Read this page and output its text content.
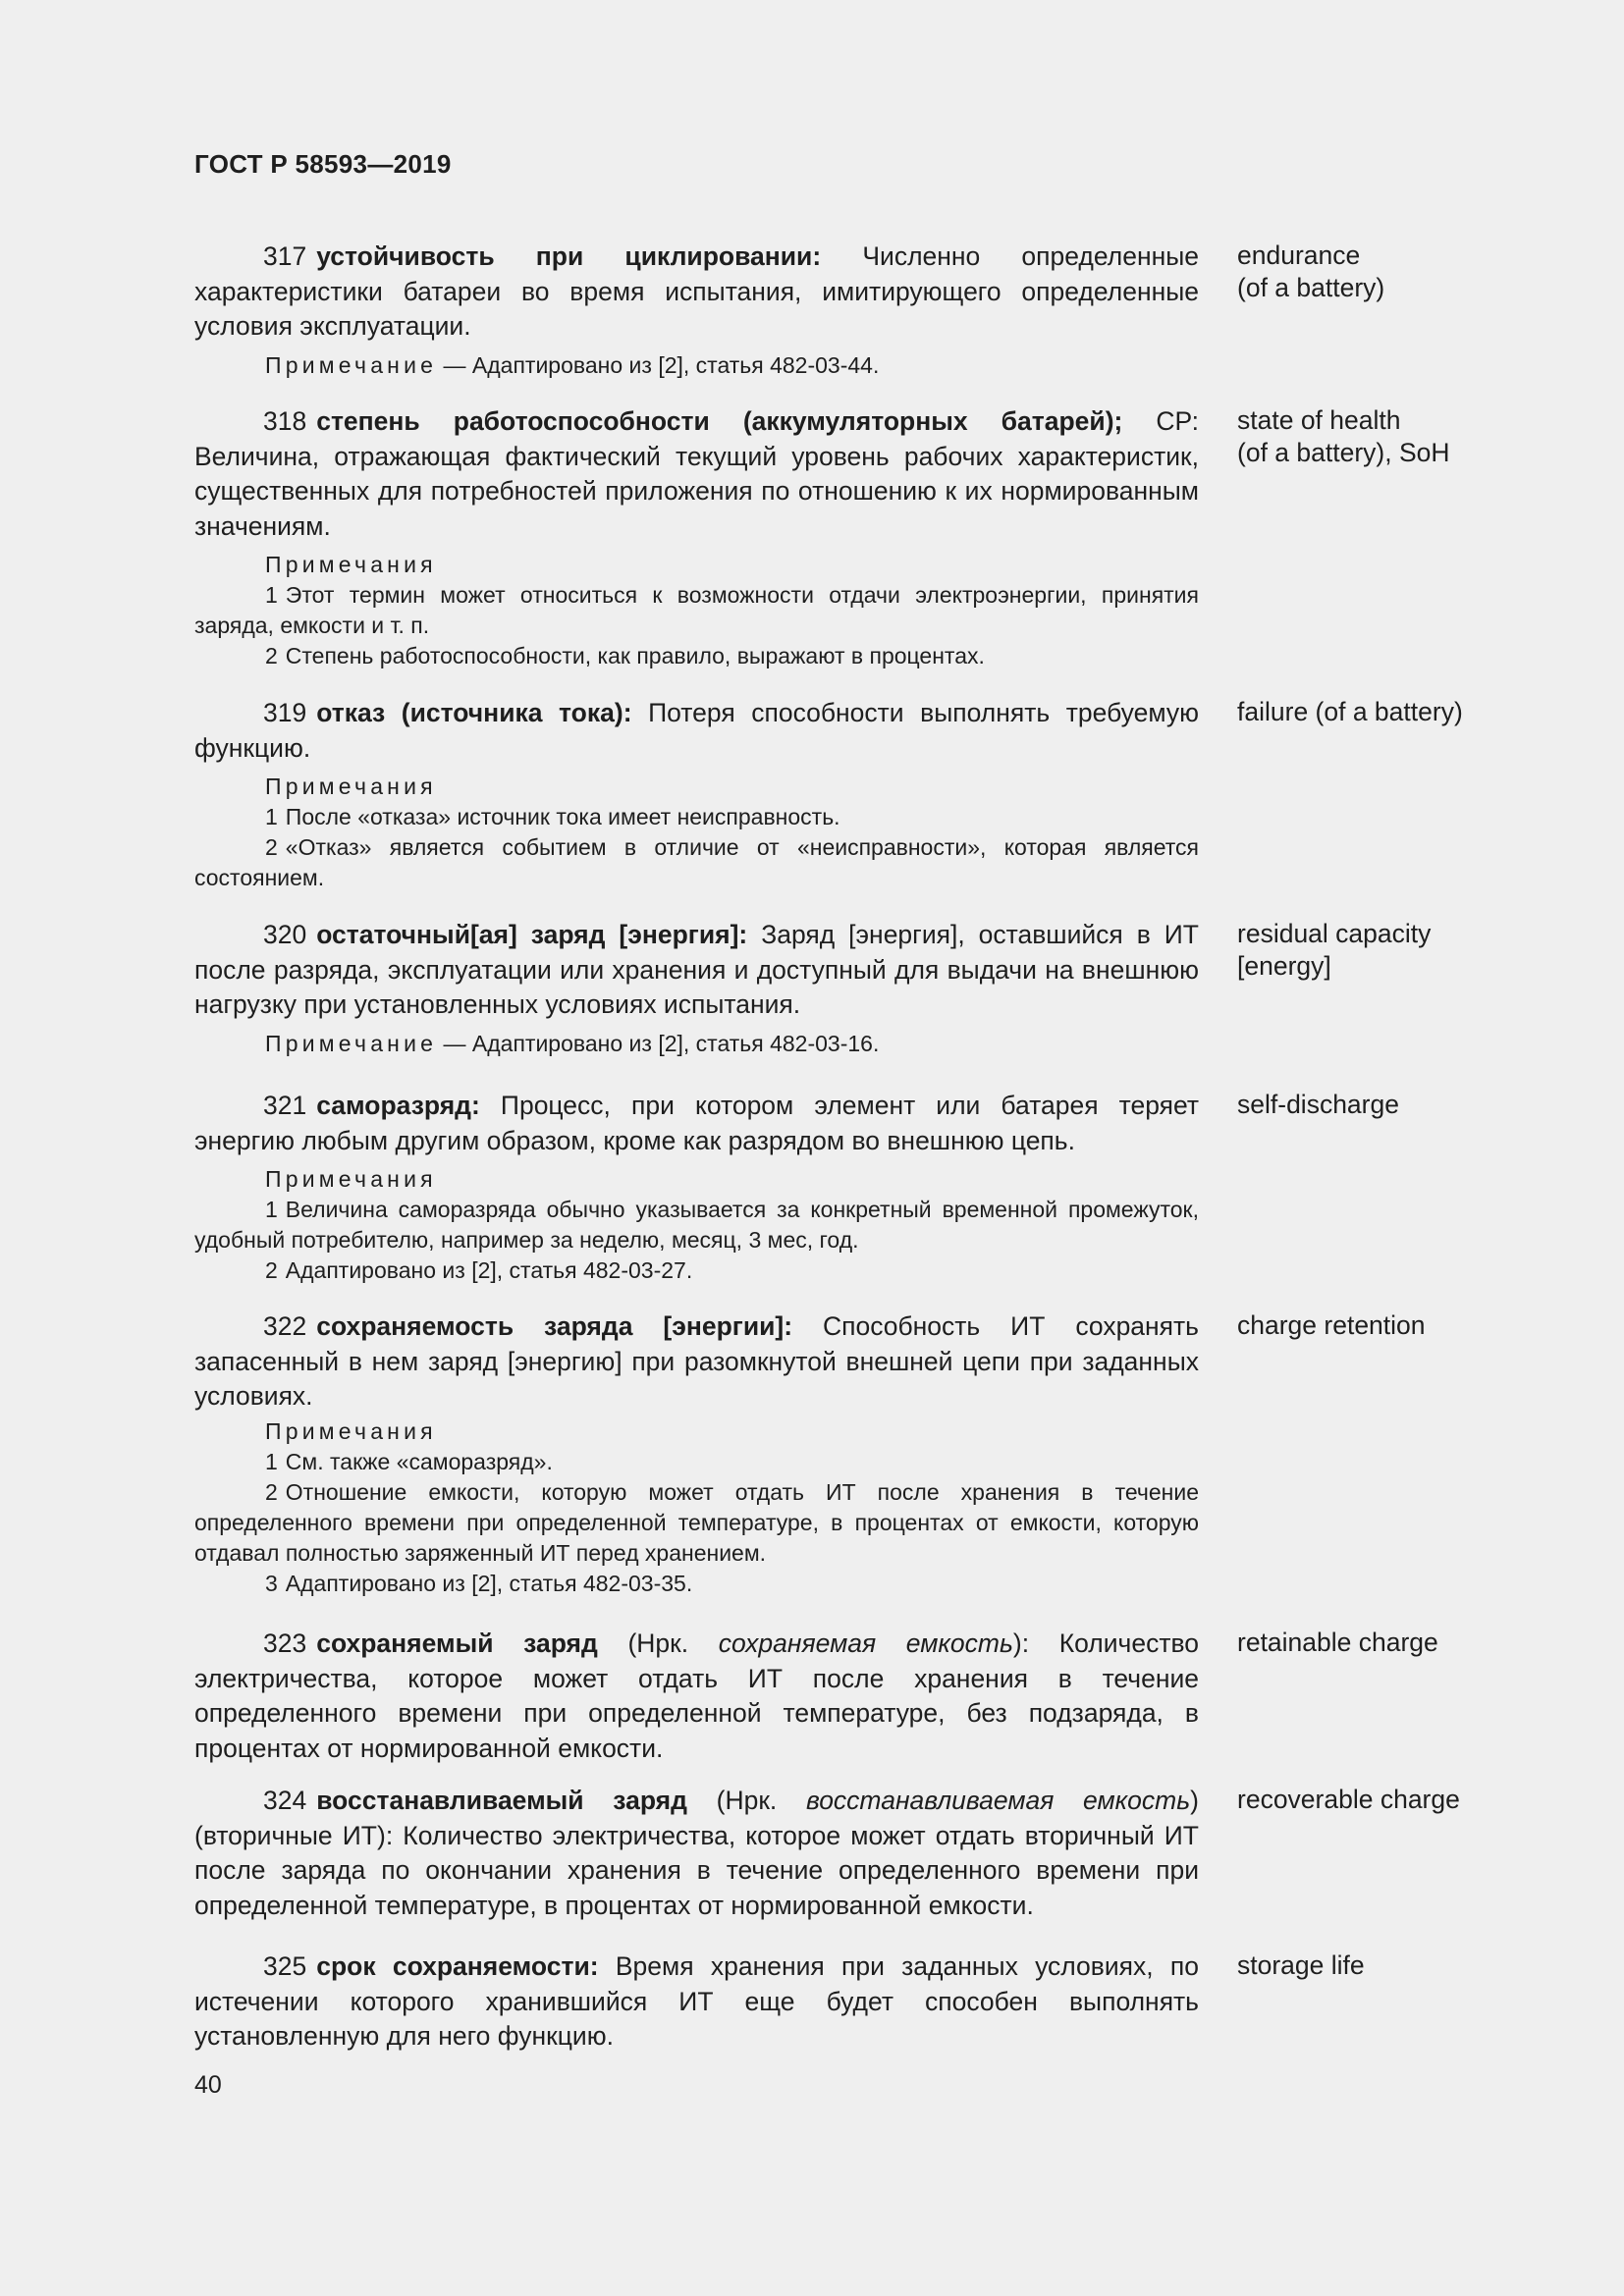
ГОСТ Р 58593—2019

317 устойчивость при циклировании: Численно определенные характеристики батареи во время испытания, имитирующего определенные условия эксплуатации.

endurance
(of a battery)
Примечание — Адаптировано из [2], статья 482-03-44.

318 степень работоспособности (аккумуляторных батарей); СР: Величина, отражающая фактический текущий уровень рабочих характеристик, существенных для потребностей приложения по отношению к их нормированным значениям.

state of health
(of a battery), SoH
Примечания
1 Этот термин может относиться к возможности отдачи электроэнергии, принятия заряда, емкости и т. п.
2 Степень работоспособности, как правило, выражают в процентах.

319 отказ (источника тока): Потеря способности выполнять требуемую функцию.

failure (of a battery)
Примечания
1 После «отказа» источник тока имеет неисправность.
2 «Отказ» является событием в отличие от «неисправности», которая является состоянием.

320 остаточный[ая] заряд [энергия]: Заряд [энергия], оставшийся в ИТ после разряда, эксплуатации или хранения и доступный для выдачи на внешнюю нагрузку при установленных условиях испытания.

residual capacity
[energy]
Примечание — Адаптировано из [2], статья 482-03-16.

321 саморазряд: Процесс, при котором элемент или батарея теряет энергию любым другим образом, кроме как разрядом во внешнюю цепь.

self-discharge
Примечания
1 Величина саморазряда обычно указывается за конкретный временной промежуток, удобный потребителю, например за неделю, месяц, 3 мес, год.
2 Адаптировано из [2], статья 482-03-27.

322 сохраняемость заряда [энергии]: Способность ИТ сохранять запасенный в нем заряд [энергию] при разомкнутой внешней цепи при заданных условиях.

charge retention
Примечания
1 См. также «саморазряд».
2 Отношение емкости, которую может отдать ИТ после хранения в течение определенного времени при определенной температуре, в процентах от емкости, которую отдавал полностью заряженный ИТ перед хранением.
3 Адаптировано из [2], статья 482-03-35.

323 сохраняемый заряд (Нрк. сохраняемая емкость): Количество электричества, которое может отдать ИТ после хранения в течение определенного времени при определенной температуре, без подзаряда, в процентах от нормированной емкости.

retainable charge

324 восстанавливаемый заряд (Нрк. восстанавливаемая емкость) (вторичные ИТ): Количество электричества, которое может отдать вторичный ИТ после заряда по окончании хранения в течение определенного времени при определенной температуре, в процентах от нормированной емкости.

recoverable charge

325 срок сохраняемости: Время хранения при заданных условиях, по истечении которого хранившийся ИТ еще будет способен выполнять установленную для него функцию.

storage life
40
